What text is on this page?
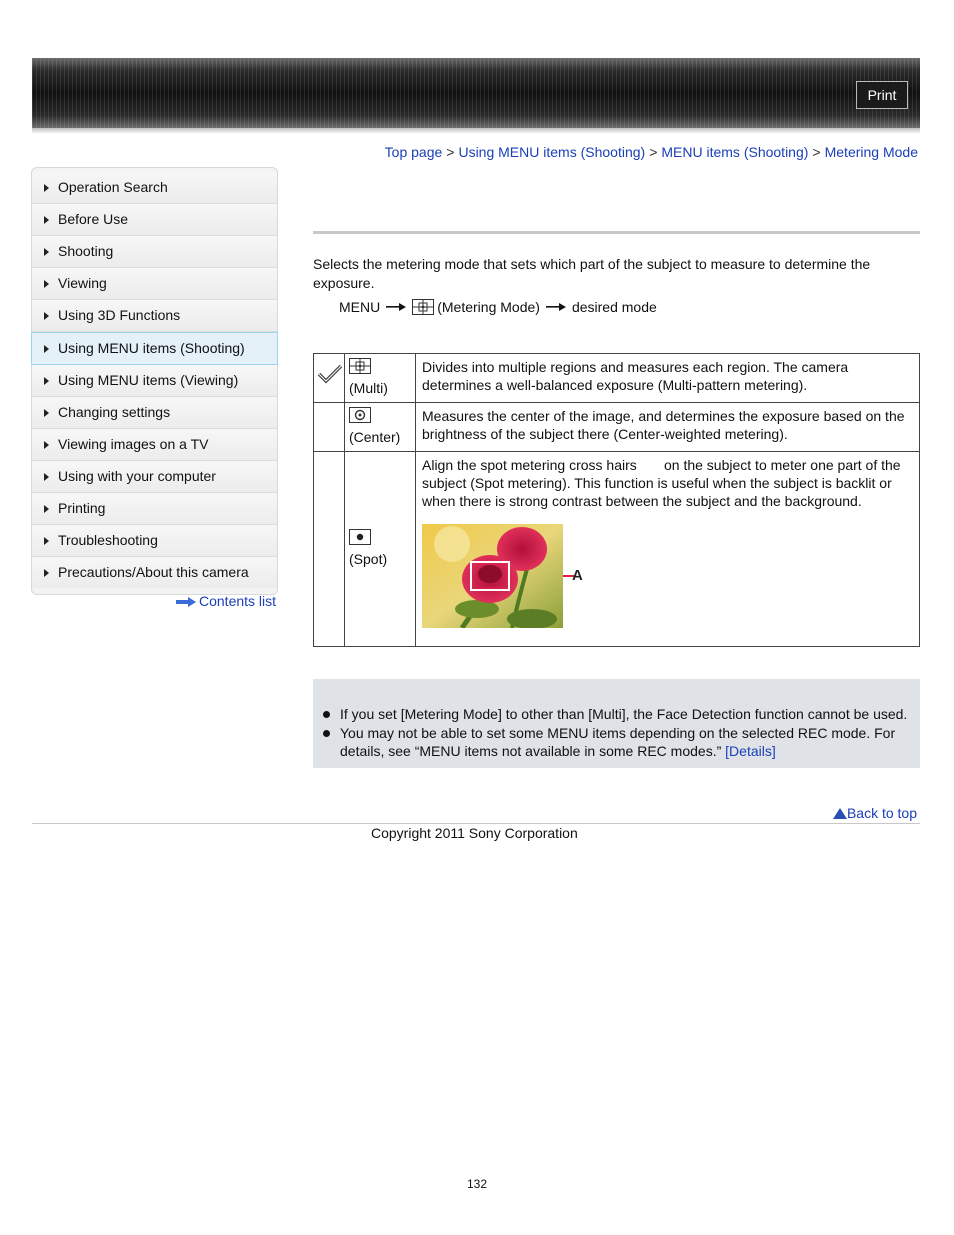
Print
Top page > Using MENU items (Shooting) > MENU items (Shooting) > Metering Mode
Operation Search
Before Use
Shooting
Viewing
Using 3D Functions
Using MENU items (Shooting)
Using MENU items (Viewing)
Changing settings
Viewing images on a TV
Using with your computer
Printing
Troubleshooting
Precautions/About this camera
Contents list
Selects the metering mode that sets which part of the subject to measure to determine the exposure.
MENU	(Metering Mode) desired mode

(Multi)	Divides into multiple regions and measures each region. The camera determines a well-balanced exposure (Multi-pattern metering).

(Center)	Measures the center of the image, and determines the exposure based on the brightness of the subject there (Center-weighted metering).

(Spot)	Align the spot metering cross hairs       on the subject to meter one part of the subject (Spot metering). This function is useful when the subject is backlit or when there is strong contrast between the subject and the background.
A
If you set [Metering Mode] to other than [Multi], the Face Detection function cannot be used.
You may not be able to set some MENU items depending on the selected REC mode. For details, see “MENU items not available in some REC modes.” [Details]
Back to top
Copyright 2011 Sony Corporation
132
